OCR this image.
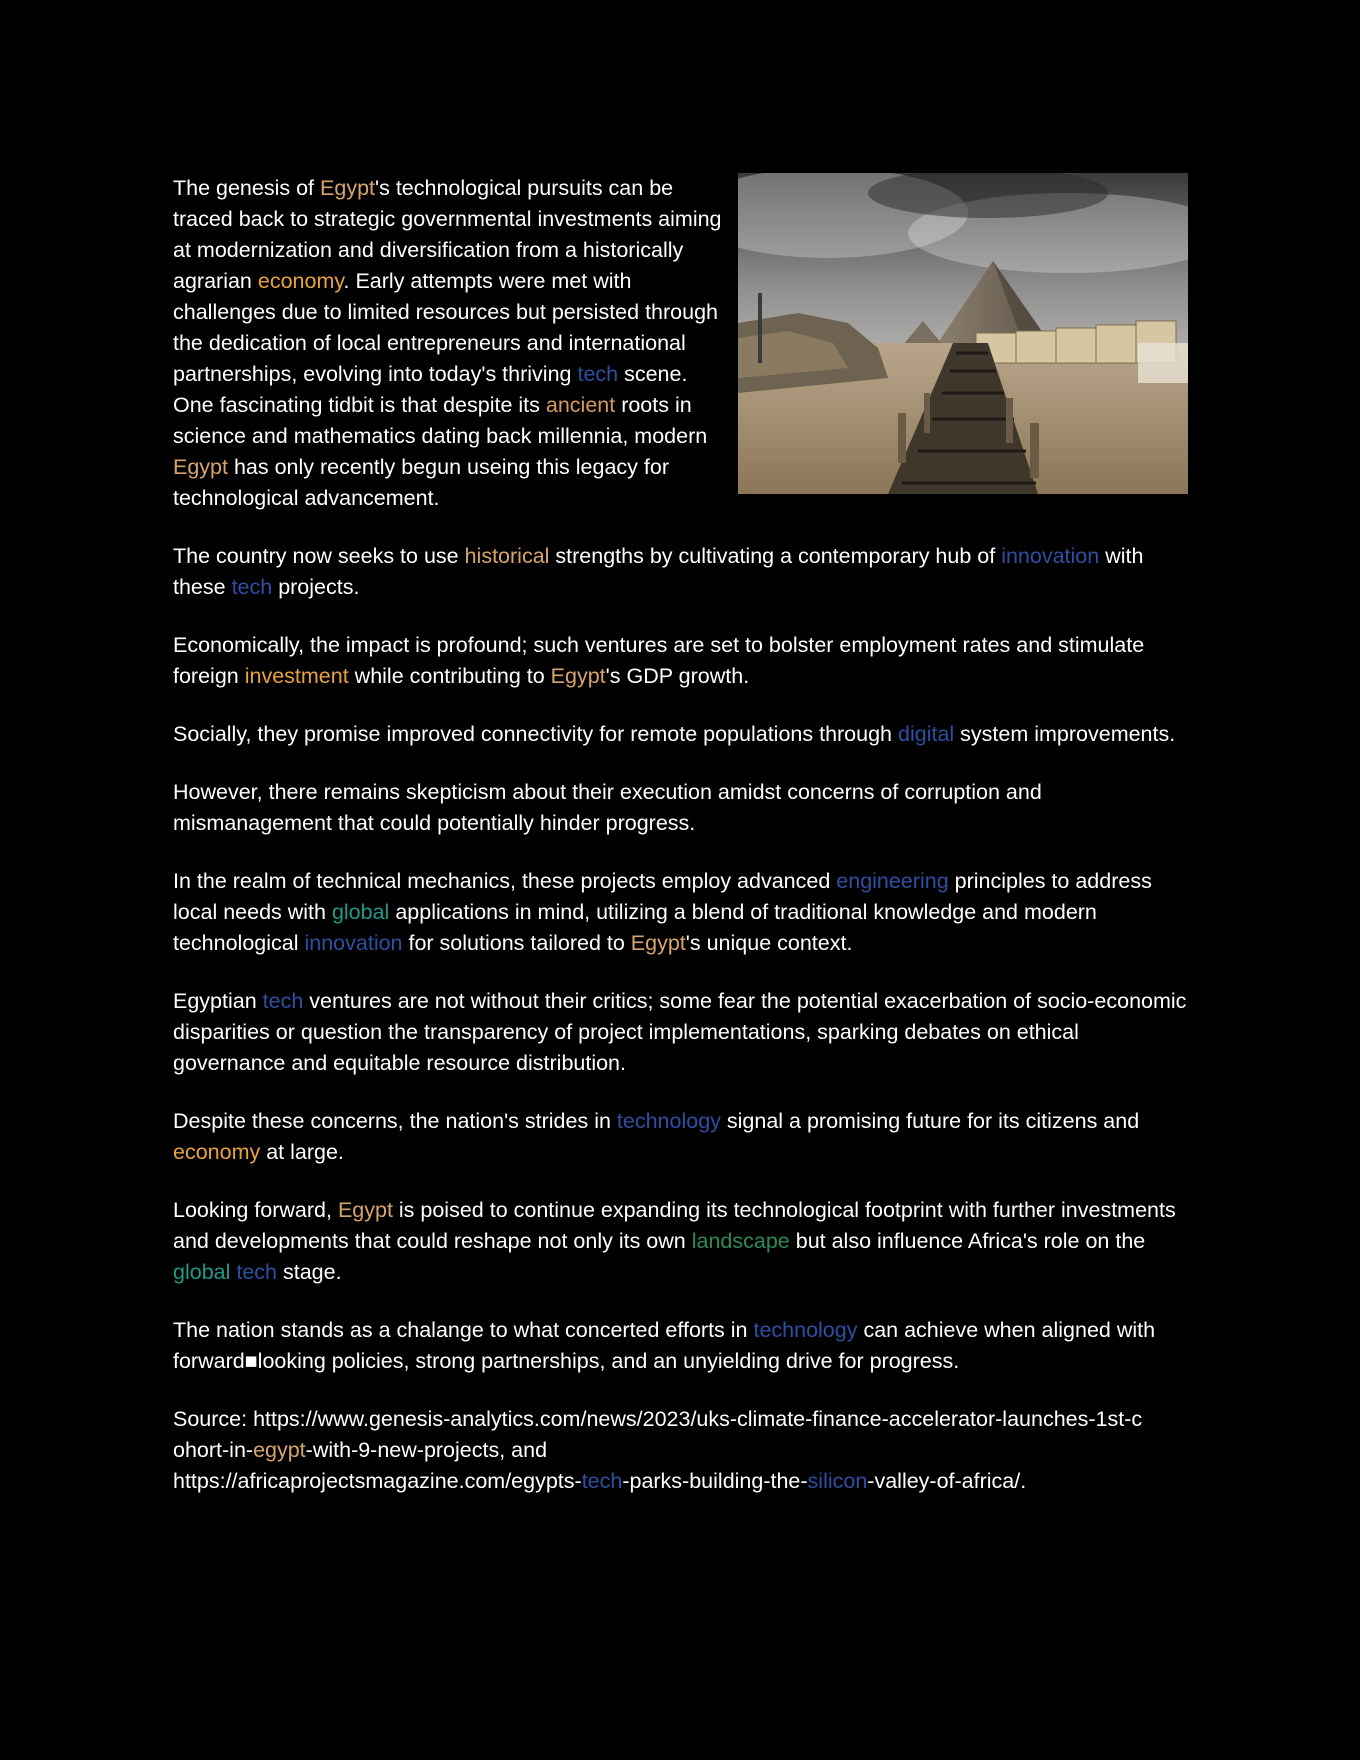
The genesis of Egypt's technological pursuits can be traced back to strategic governmental investments aiming at modernization and diversification from a historically agrarian economy. Early attempts were met with challenges due to limited resources but persisted through the dedication of local entrepreneurs and international partnerships, evolving into today's thriving tech scene. One fascinating tidbit is that despite its ancient roots in science and mathematics dating back millennia, modern Egypt has only recently begun useing this legacy for technological advancement.

The country now seeks to use historical strengths by cultivating a contemporary hub of innovation with these tech projects.

Economically, the impact is profound; such ventures are set to bolster employment rates and stimulate foreign investment while contributing to Egypt's GDP growth.

Socially, they promise improved connectivity for remote populations through digital system improvements.

However, there remains skepticism about their execution amidst concerns of corruption and mismanagement that could potentially hinder progress.

In the realm of technical mechanics, these projects employ advanced engineering principles to address local needs with global applications in mind, utilizing a blend of traditional knowledge and modern technological innovation for solutions tailored to Egypt's unique context.

Egyptian tech ventures are not without their critics; some fear the potential exacerbation of socio-economic disparities or question the transparency of project implementations, sparking debates on ethical governance and equitable resource distribution.

Despite these concerns, the nation's strides in technology signal a promising future for its citizens and economy at large.

Looking forward, Egypt is poised to continue expanding its technological footprint with further investments and developments that could reshape not only its own landscape but also influence Africa's role on the global tech stage.

The nation stands as a chalange to what concerted efforts in technology can achieve when aligned with forward■looking policies, strong partnerships, and an unyielding drive for progress.

Source: https://www.genesis-analytics.com/news/2023/uks-climate-finance-accelerator-launches-1st-c
ohort-in-egypt-with-9-new-projects, and
https://africaprojectsmagazine.com/egypts-tech-parks-building-the-silicon-valley-of-africa/.
